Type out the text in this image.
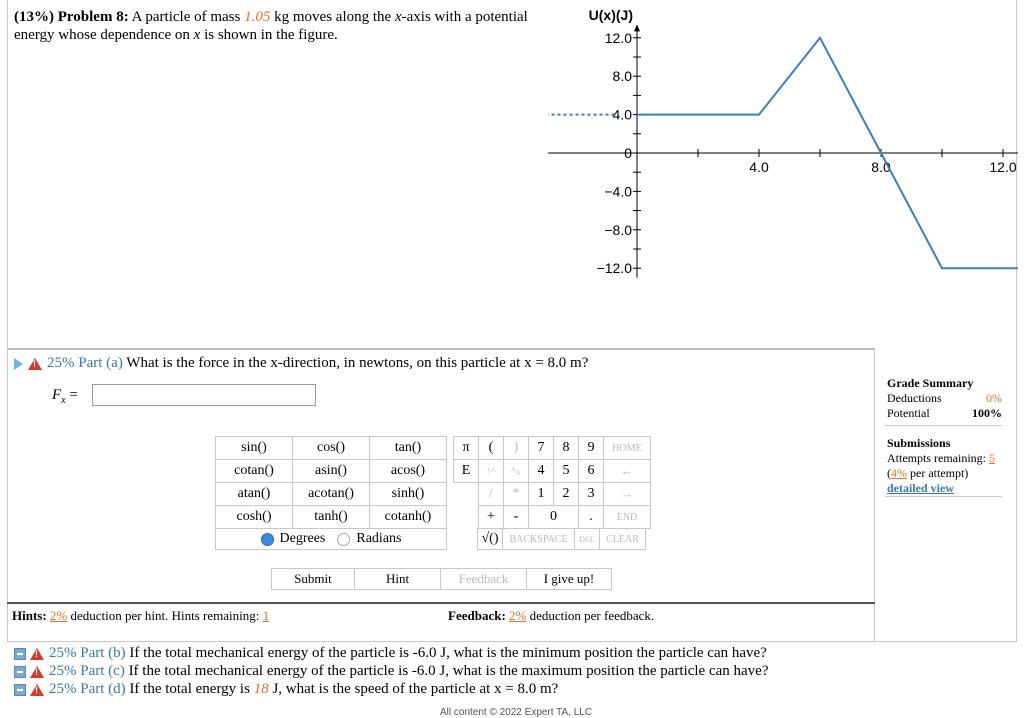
(13%) Problem 8: A particle of mass 1.05 kg moves along the x-axis with a potential energy whose dependence on x is shown in the figure.
4.0	8.0	12.0
12.0
8.0
4.0
0
−4.0
−8.0
−12.0
U(x)(J)
!25% Part (a) What is the force in the x-direction, in newtons, on this particle at x = 8.0 m?
$F_x$ =
sin()	cos()	tan()
cotan()	asin()	acos()
atan()	acotan()	sinh()
cosh()	tanh()	cotanh()
Degrees Radians
π	(	)	7	8	9	HOME
E	↑^	^↓	4	5	6	←
	/	*	1	2	3	→
	+	-	0		.	END
√()	BACKSPACE	DEL	CLEAR
Submit	Hint	Feedback	I give up!
Hints: 2% deduction per hint. Hints remaining: 1	Feedback: 2% deduction per feedback.
Grade Summary
Deductions	0%
Potential	100%
Submissions
Attempts remaining: 5
(4% per attempt)
detailed view
!25% Part (b) If the total mechanical energy of the particle is -6.0 J, what is the minimum position the particle can have?
!25% Part (c) If the total mechanical energy of the particle is -6.0 J, what is the maximum position the particle can have?
!25% Part (d) If the total energy is 18 J, what is the speed of the particle at x = 8.0 m?
All content © 2022 Expert TA, LLC
